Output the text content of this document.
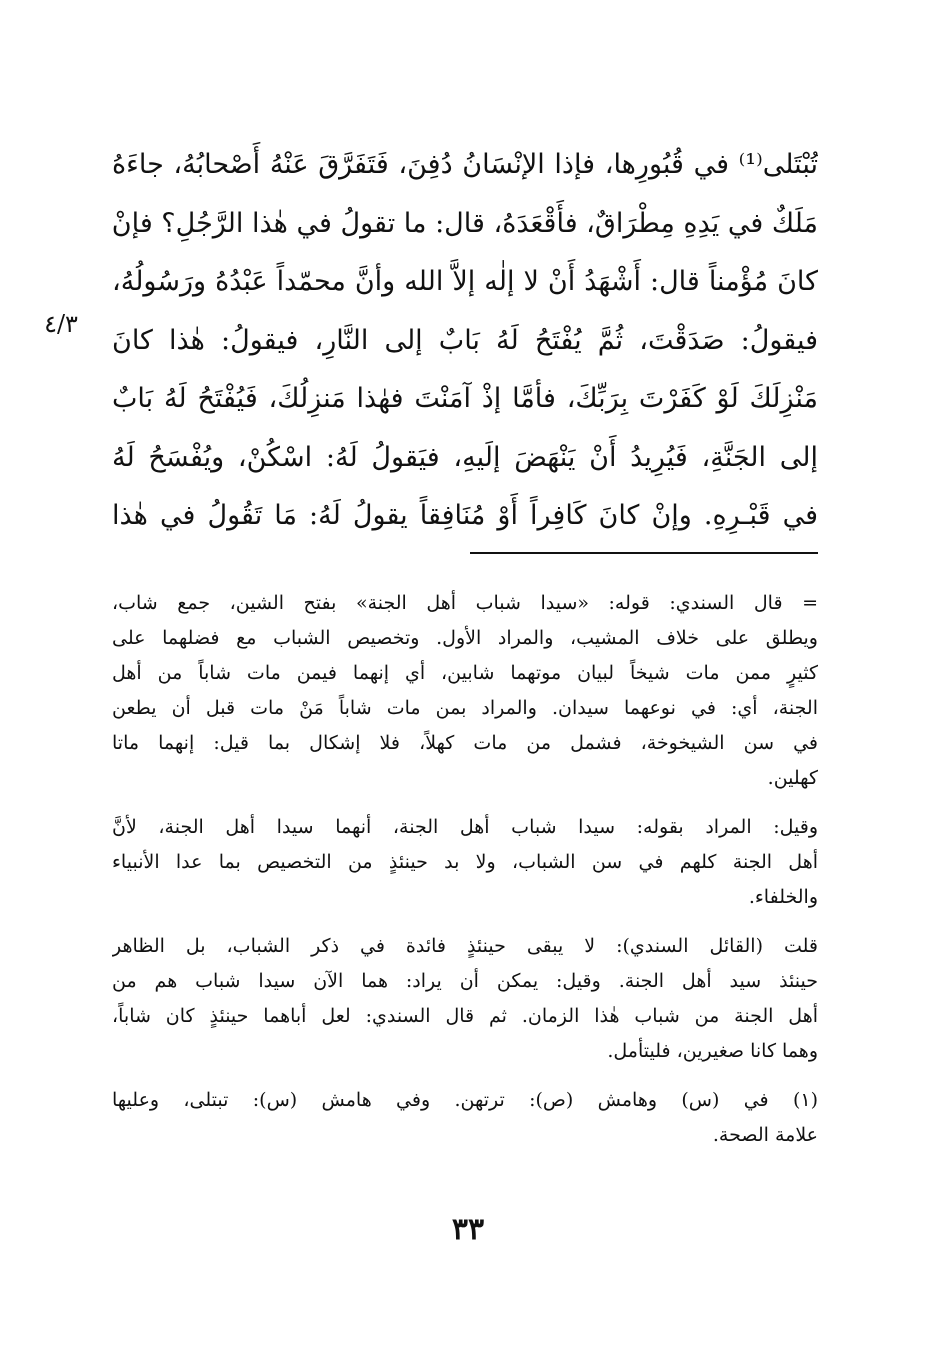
تُبْتَلى⁽¹⁾ في قُبُورِها، فإذا الإنْسَانُ دُفِنَ، فَتَفَرَّقَ عَنْهُ أَصْحابُهُ، جاءَهُ
مَلَكٌ في يَدِهِ مِطْرَاقٌ، فأَقْعَدَهُ، قال: ما تقولُ في هٰذا الرَّجُلِ؟ فإنْ
كانَ مُؤْمناً قال: أَشْهَدُ أَنْ لا إلٰه إلاَّ الله وأنَّ محمّداً عَبْدُهُ ورَسُولُهُ،
فيقولُ: صَدَقْتَ، ثُمَّ يُفْتَحُ لَهُ بَابٌ إلى النَّارِ، فيقولُ: هٰذا كانَ
مَنْزِلَكَ لَوْ كَفَرْتَ بِرَبِّكَ، فأمَّا إذْ آمَنْتَ فهٰذا مَنزِلُكَ، فَيُفْتَحُ لَهُ بَابٌ
إلى الجَنَّةِ، فَيُرِيدُ أَنْ يَنْهَضَ إلَيهِ، فيَقولُ لَهُ: اسْكُنْ، ويُفْسَحُ لَهُ
في قَبْـرِهِ. وإنْ كانَ كَافِراً أَوْ مُنَافِقاً يقولُ لَهُ: مَا تَقُولُ في هٰذا
٤/٣
= قال السندي: قوله: «سيدا شباب أهل الجنة» بفتح الشين، جمع شاب،
ويطلق على خلاف المشيب، والمراد الأول. وتخصيص الشباب مع فضلهما على
كثيرٍ ممن مات شيخاً لبيان موتهما شابين، أي إنهما فيمن مات شاباً من أهل
الجنة، أي: في نوعهما سيدان. والمراد بمن مات شاباً مَنْ مات قبل أن يطعن
في سن الشيخوخة، فشمل من مات كهلاً، فلا إشكال بما قيل: إنهما ماتا
كهلين.
وقيل: المراد بقوله: سيدا شباب أهل الجنة، أنهما سيدا أهل الجنة، لأنَّ
أهل الجنة كلهم في سن الشباب، ولا بد حينئذٍ من التخصيص بما عدا الأنبياء
والخلفاء.
قلت (القائل السندي): لا يبقى حينئذٍ فائدة في ذكر الشباب، بل الظاهر
حينئذ سيد أهل الجنة. وقيل: يمكن أن يراد: هما الآن سيدا شباب هم من
أهل الجنة من شباب هٰذا الزمان. ثم قال السندي: لعل أباهما حينئذٍ كان شاباً،
وهما كانا صغيرين، فليتأمل.
(١) في (س) وهامش (ص): ترتهن. وفي هامش (س): تبتلى، وعليها
علامة الصحة.
٣٣
